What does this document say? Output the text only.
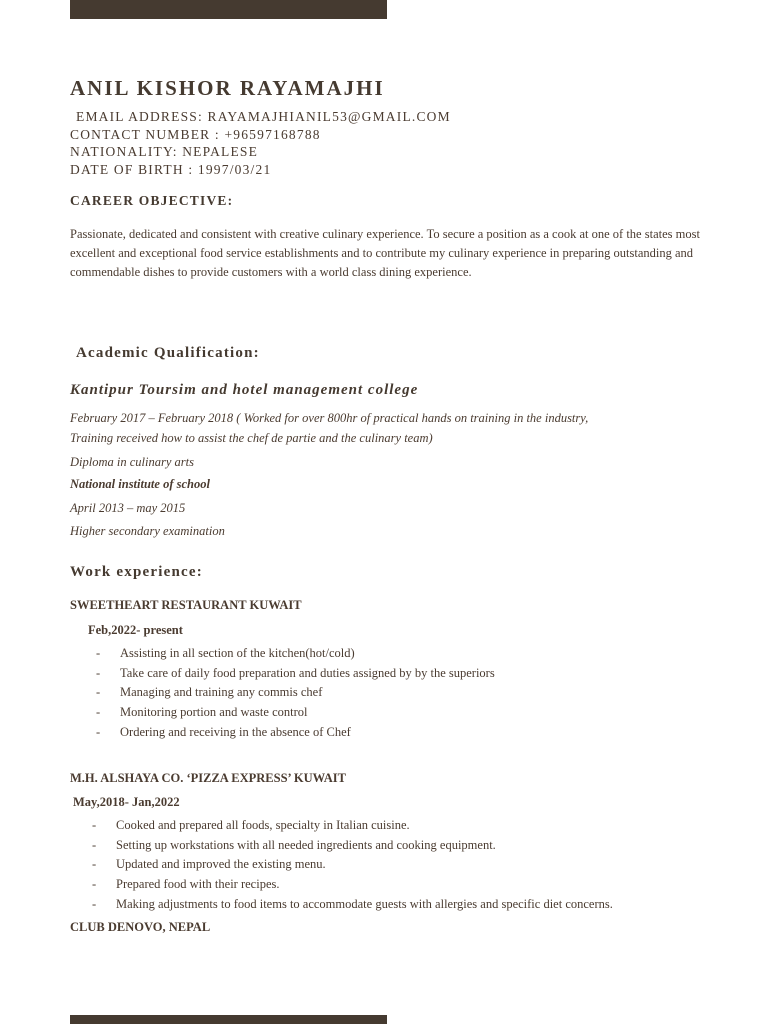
ANIL KISHOR RAYAMAJHI
EMAIL ADDRESS: RAYAMAJHIANIL53@GMAIL.COM
CONTACT NUMBER : +96597168788
NATIONALITY: NEPALESE
DATE OF BIRTH : 1997/03/21
CAREER OBJECTIVE:

Passionate, dedicated and consistent with creative culinary experience. To secure a position as a cook at one of the states most excellent and exceptional food service establishments and to contribute my culinary experience in preparing outstanding and commendable dishes to provide customers with a world class dining experience.

Academic Qualification:
Kantipur Toursim and hotel management college
February 2017 – February 2018 ( Worked for over 800hr of practical hands on training in the industry,
Training received how to assist the chef de partie and the culinary team)

Diploma in culinary arts

National institute of school

April 2013 – may 2015

Higher secondary examination

Work experience:

SWEETHEART RESTAURANT KUWAIT

Feb,2022- present

-	Assisting in all section of the kitchen(hot/cold)
-	Take care of daily food preparation and duties assigned by by the superiors
-	Managing and training any commis chef
-	Monitoring portion and waste control
-	Ordering and receiving in the absence of Chef

M.H. ALSHAYA CO. ‘PIZZA EXPRESS’ KUWAIT

May,2018- Jan,2022

-	Cooked and prepared all foods, specialty in Italian cuisine.
-	Setting up workstations with all needed ingredients and cooking equipment.
-	Updated and improved the existing menu.
-	Prepared food with their recipes.
-	Making adjustments to food items to accommodate guests with allergies and specific diet concerns.

CLUB DENOVO, NEPAL
